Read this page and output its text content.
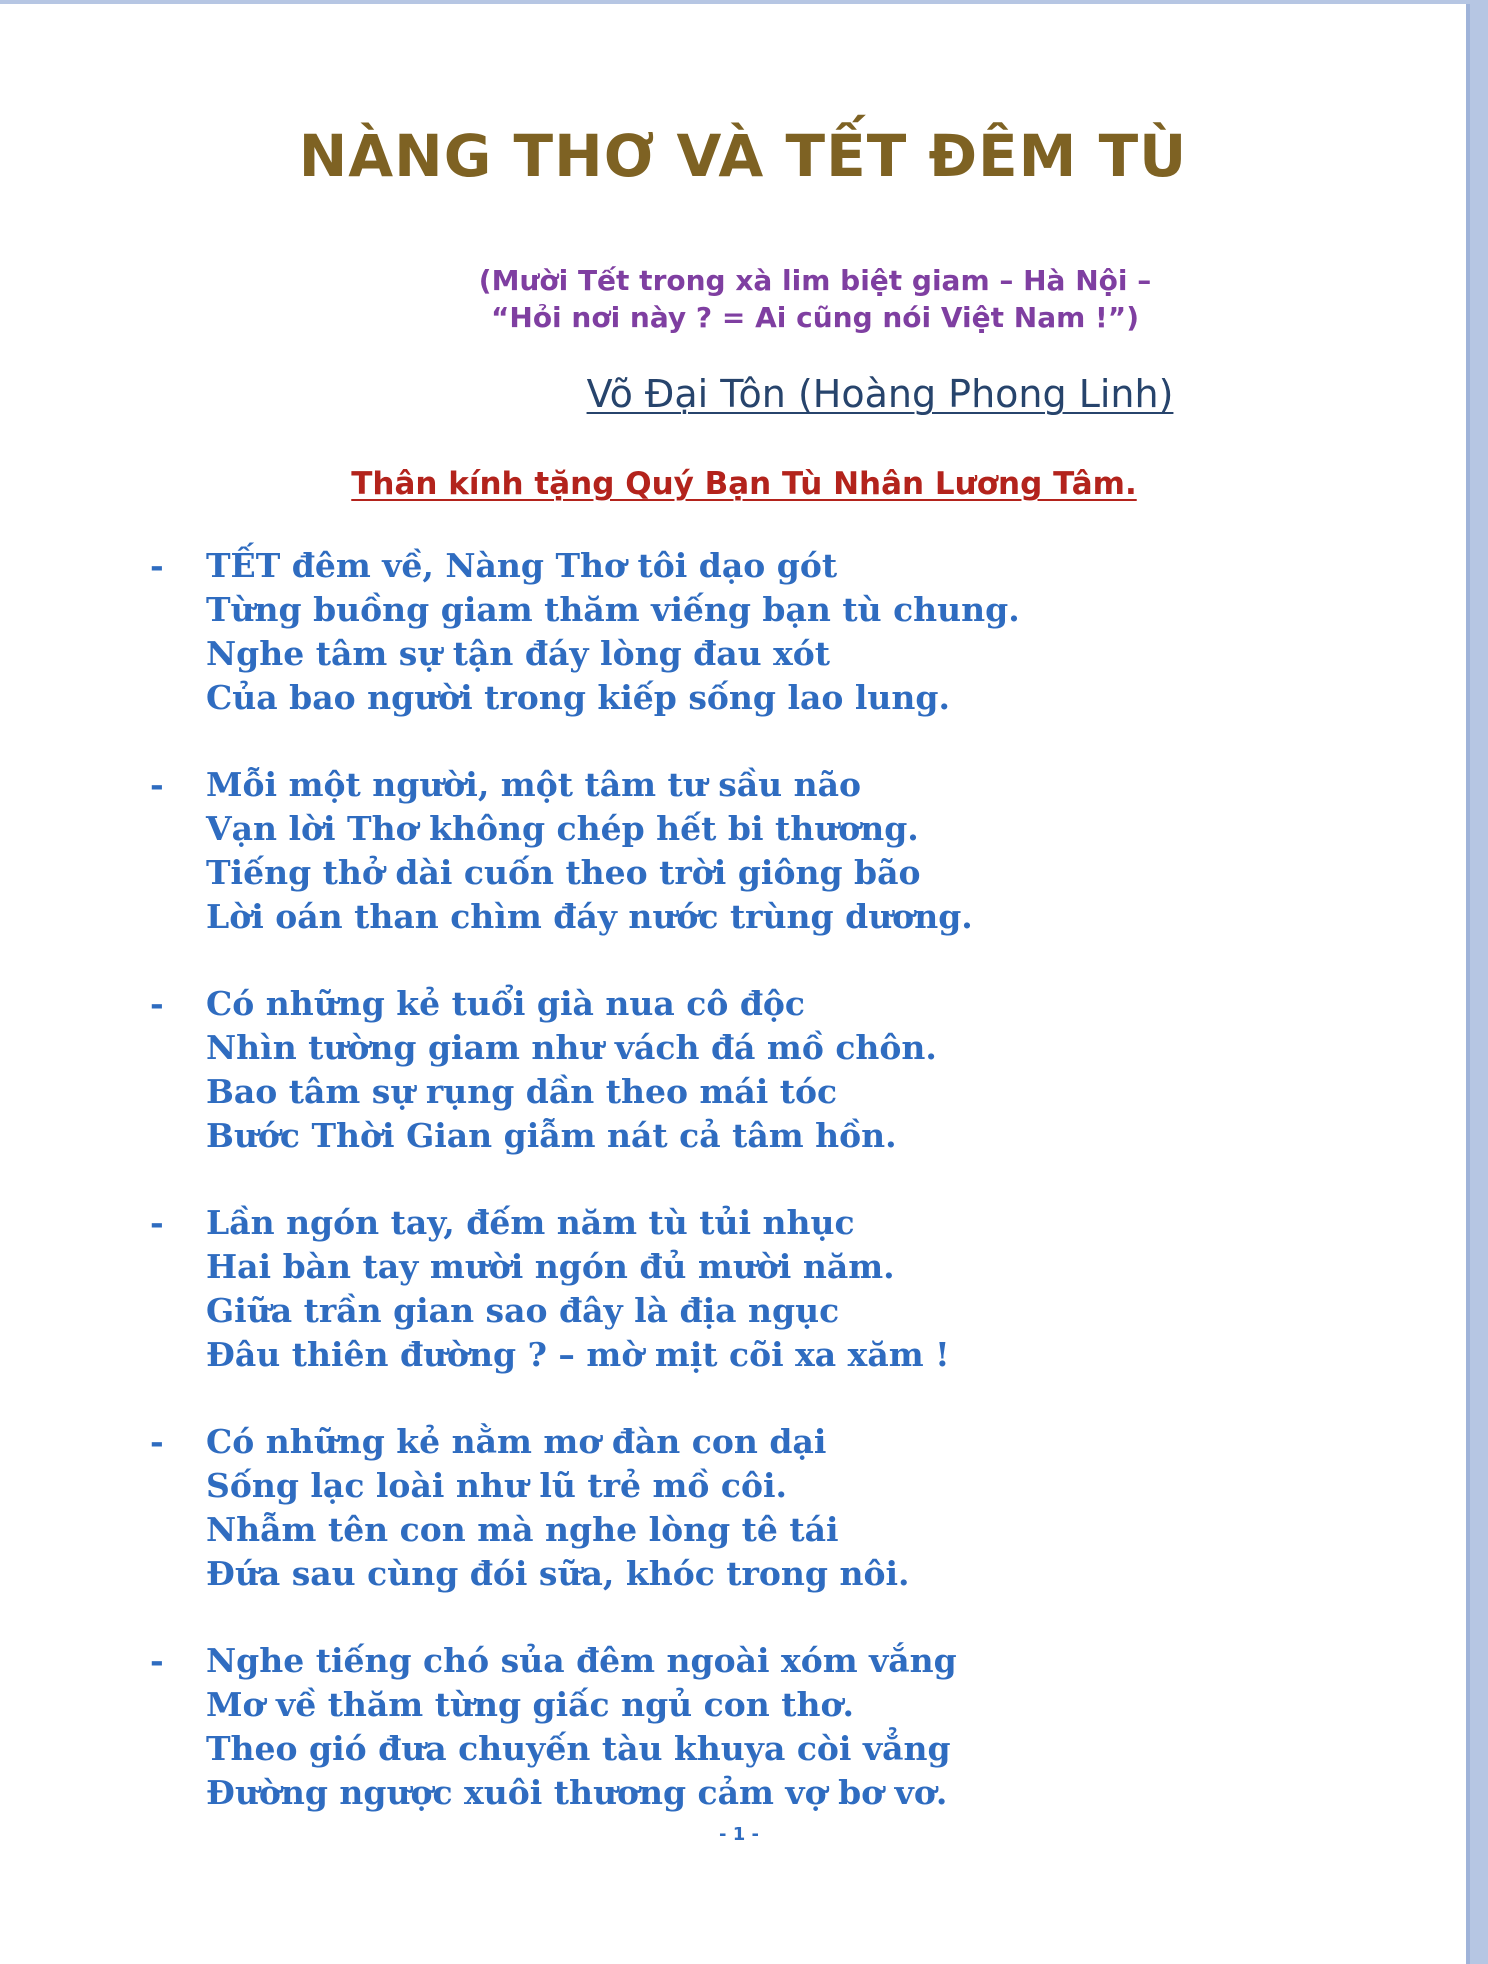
NÀNG THƠ VÀ TẾT ĐÊM TÙ
(Mười Tết trong xà lim biệt giam – Hà Nội –
“Hỏi nơi này ? = Ai cũng nói Việt Nam !”)
Võ Đại Tôn (Hoàng Phong Linh)
Thân kính tặng Quý Bạn Tù Nhân Lương Tâm.
-	TẾT đêm về, Nàng Thơ tôi dạo gót
Từng buồng giam thăm viếng bạn tù chung.
Nghe tâm sự tận đáy lòng đau xót
Của bao người trong kiếp sống lao lung.
-	Mỗi một người, một tâm tư sầu não
Vạn lời Thơ không chép hết bi thương.
Tiếng thở dài cuốn theo trời giông bão
Lời oán than chìm đáy nước trùng dương.
-	Có những kẻ tuổi già nua cô độc
Nhìn tường giam như vách đá mồ chôn.
Bao tâm sự rụng dần theo mái tóc
Bước Thời Gian giẫm nát cả tâm hồn.
-	Lần ngón tay, đếm năm tù tủi nhục
Hai bàn tay mười ngón đủ mười năm.
Giữa trần gian sao đây là địa ngục
Đâu thiên đường ? – mờ mịt cõi xa xăm !
-	Có những kẻ nằm mơ đàn con dại
Sống lạc loài như lũ trẻ mồ côi.
Nhẫm tên con mà nghe lòng tê tái
Đứa sau cùng đói sữa, khóc trong nôi.
-	Nghe tiếng chó sủa đêm ngoài xóm vắng
Mơ về thăm từng giấc ngủ con thơ.
Theo gió đưa chuyến tàu khuya còi vẳng
Đường ngược xuôi thương cảm vợ bơ vơ.
- 1 -
